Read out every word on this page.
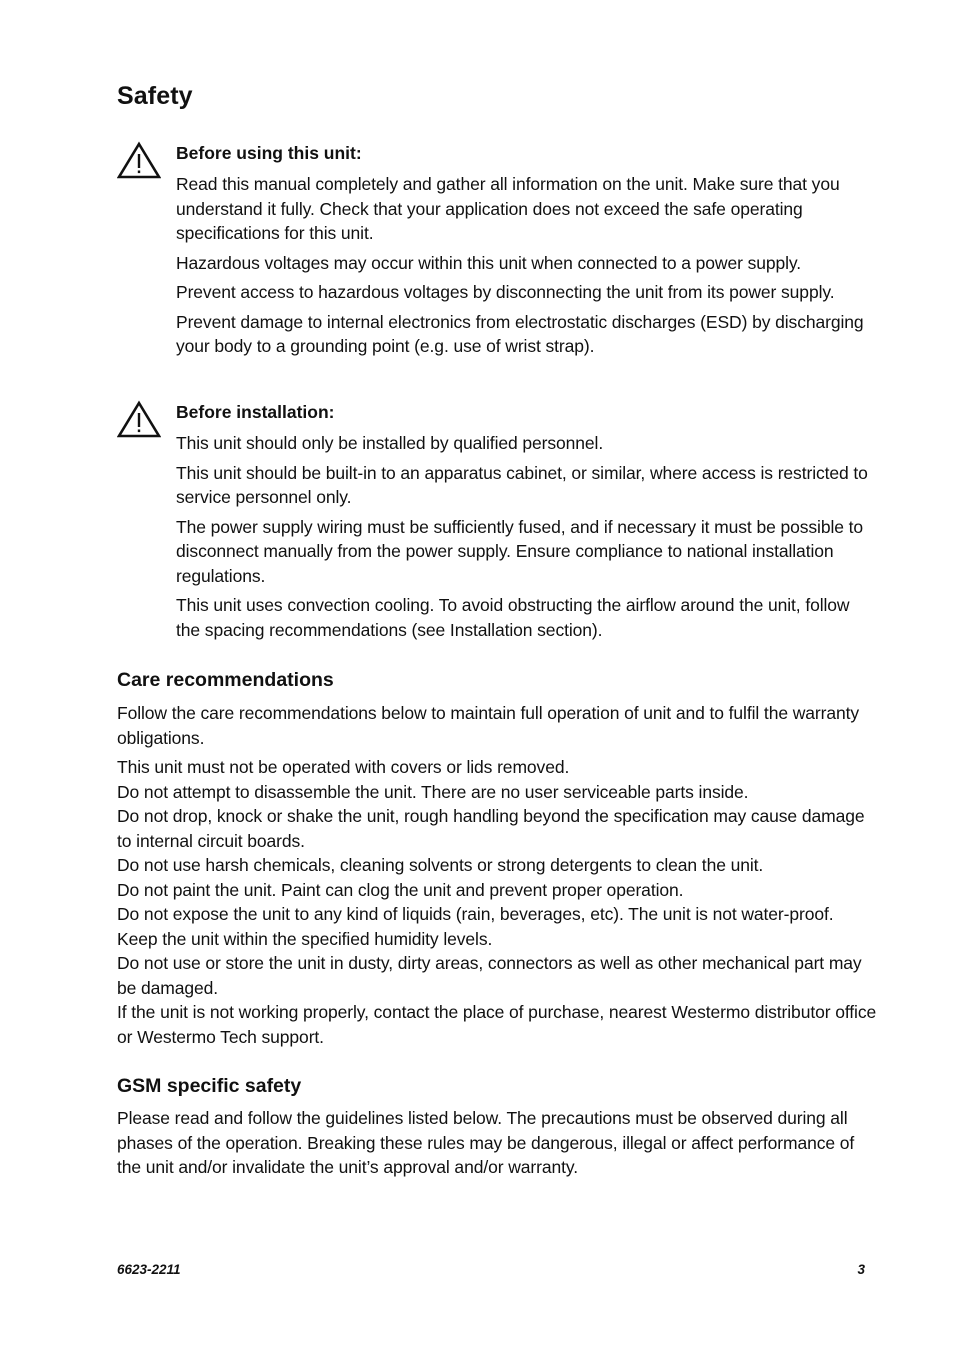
Safety
Before using this unit:

Read this manual completely and gather all information on the unit. Make sure that you understand it fully. Check that your application does not exceed the safe operating specifications for this unit.

Hazardous voltages may occur within this unit when connected to a power supply.

Prevent access to hazardous voltages by disconnecting the unit from its power supply.

Prevent damage to internal electronics from electrostatic discharges (ESD) by discharging your body to a grounding point (e.g. use of wrist strap).

Before installation:

This unit should only be installed by qualified personnel.

This unit should be built-in to an apparatus cabinet, or similar, where access is restricted to service personnel only.

The power supply wiring must be sufficiently fused, and if necessary it must be possible to disconnect manually from the power supply. Ensure compliance to national installation regulations.

This unit uses convection cooling. To avoid obstructing the airflow around the unit, follow the spacing recommendations (see Installation section).

Care recommendations

Follow the care recommendations below to maintain full operation of unit and to fulfil the warranty obligations.

This unit must not be operated with covers or lids removed.

Do not attempt to disassemble the unit. There are no user serviceable parts inside.

Do not drop, knock or shake the unit, rough handling beyond the specification may cause damage to internal circuit boards.

Do not use harsh chemicals, cleaning solvents or strong detergents to clean the unit.

Do not paint the unit. Paint can clog the unit and prevent proper operation.

Do not expose the unit to any kind of liquids (rain, beverages, etc). The unit is not water-proof. Keep the unit within the specified humidity levels.

Do not use or store the unit in dusty, dirty areas, connectors as well as other mechanical part may be damaged.

If the unit is not working properly, contact the place of purchase, nearest Westermo distributor office or Westermo Tech support.

GSM specific safety

Please read and follow the guidelines listed below. The precautions must be observed during all phases of the operation. Breaking these rules may be dangerous, illegal or affect performance of the unit and/or invalidate the unit’s approval and/or warranty.

6623-2211	3
